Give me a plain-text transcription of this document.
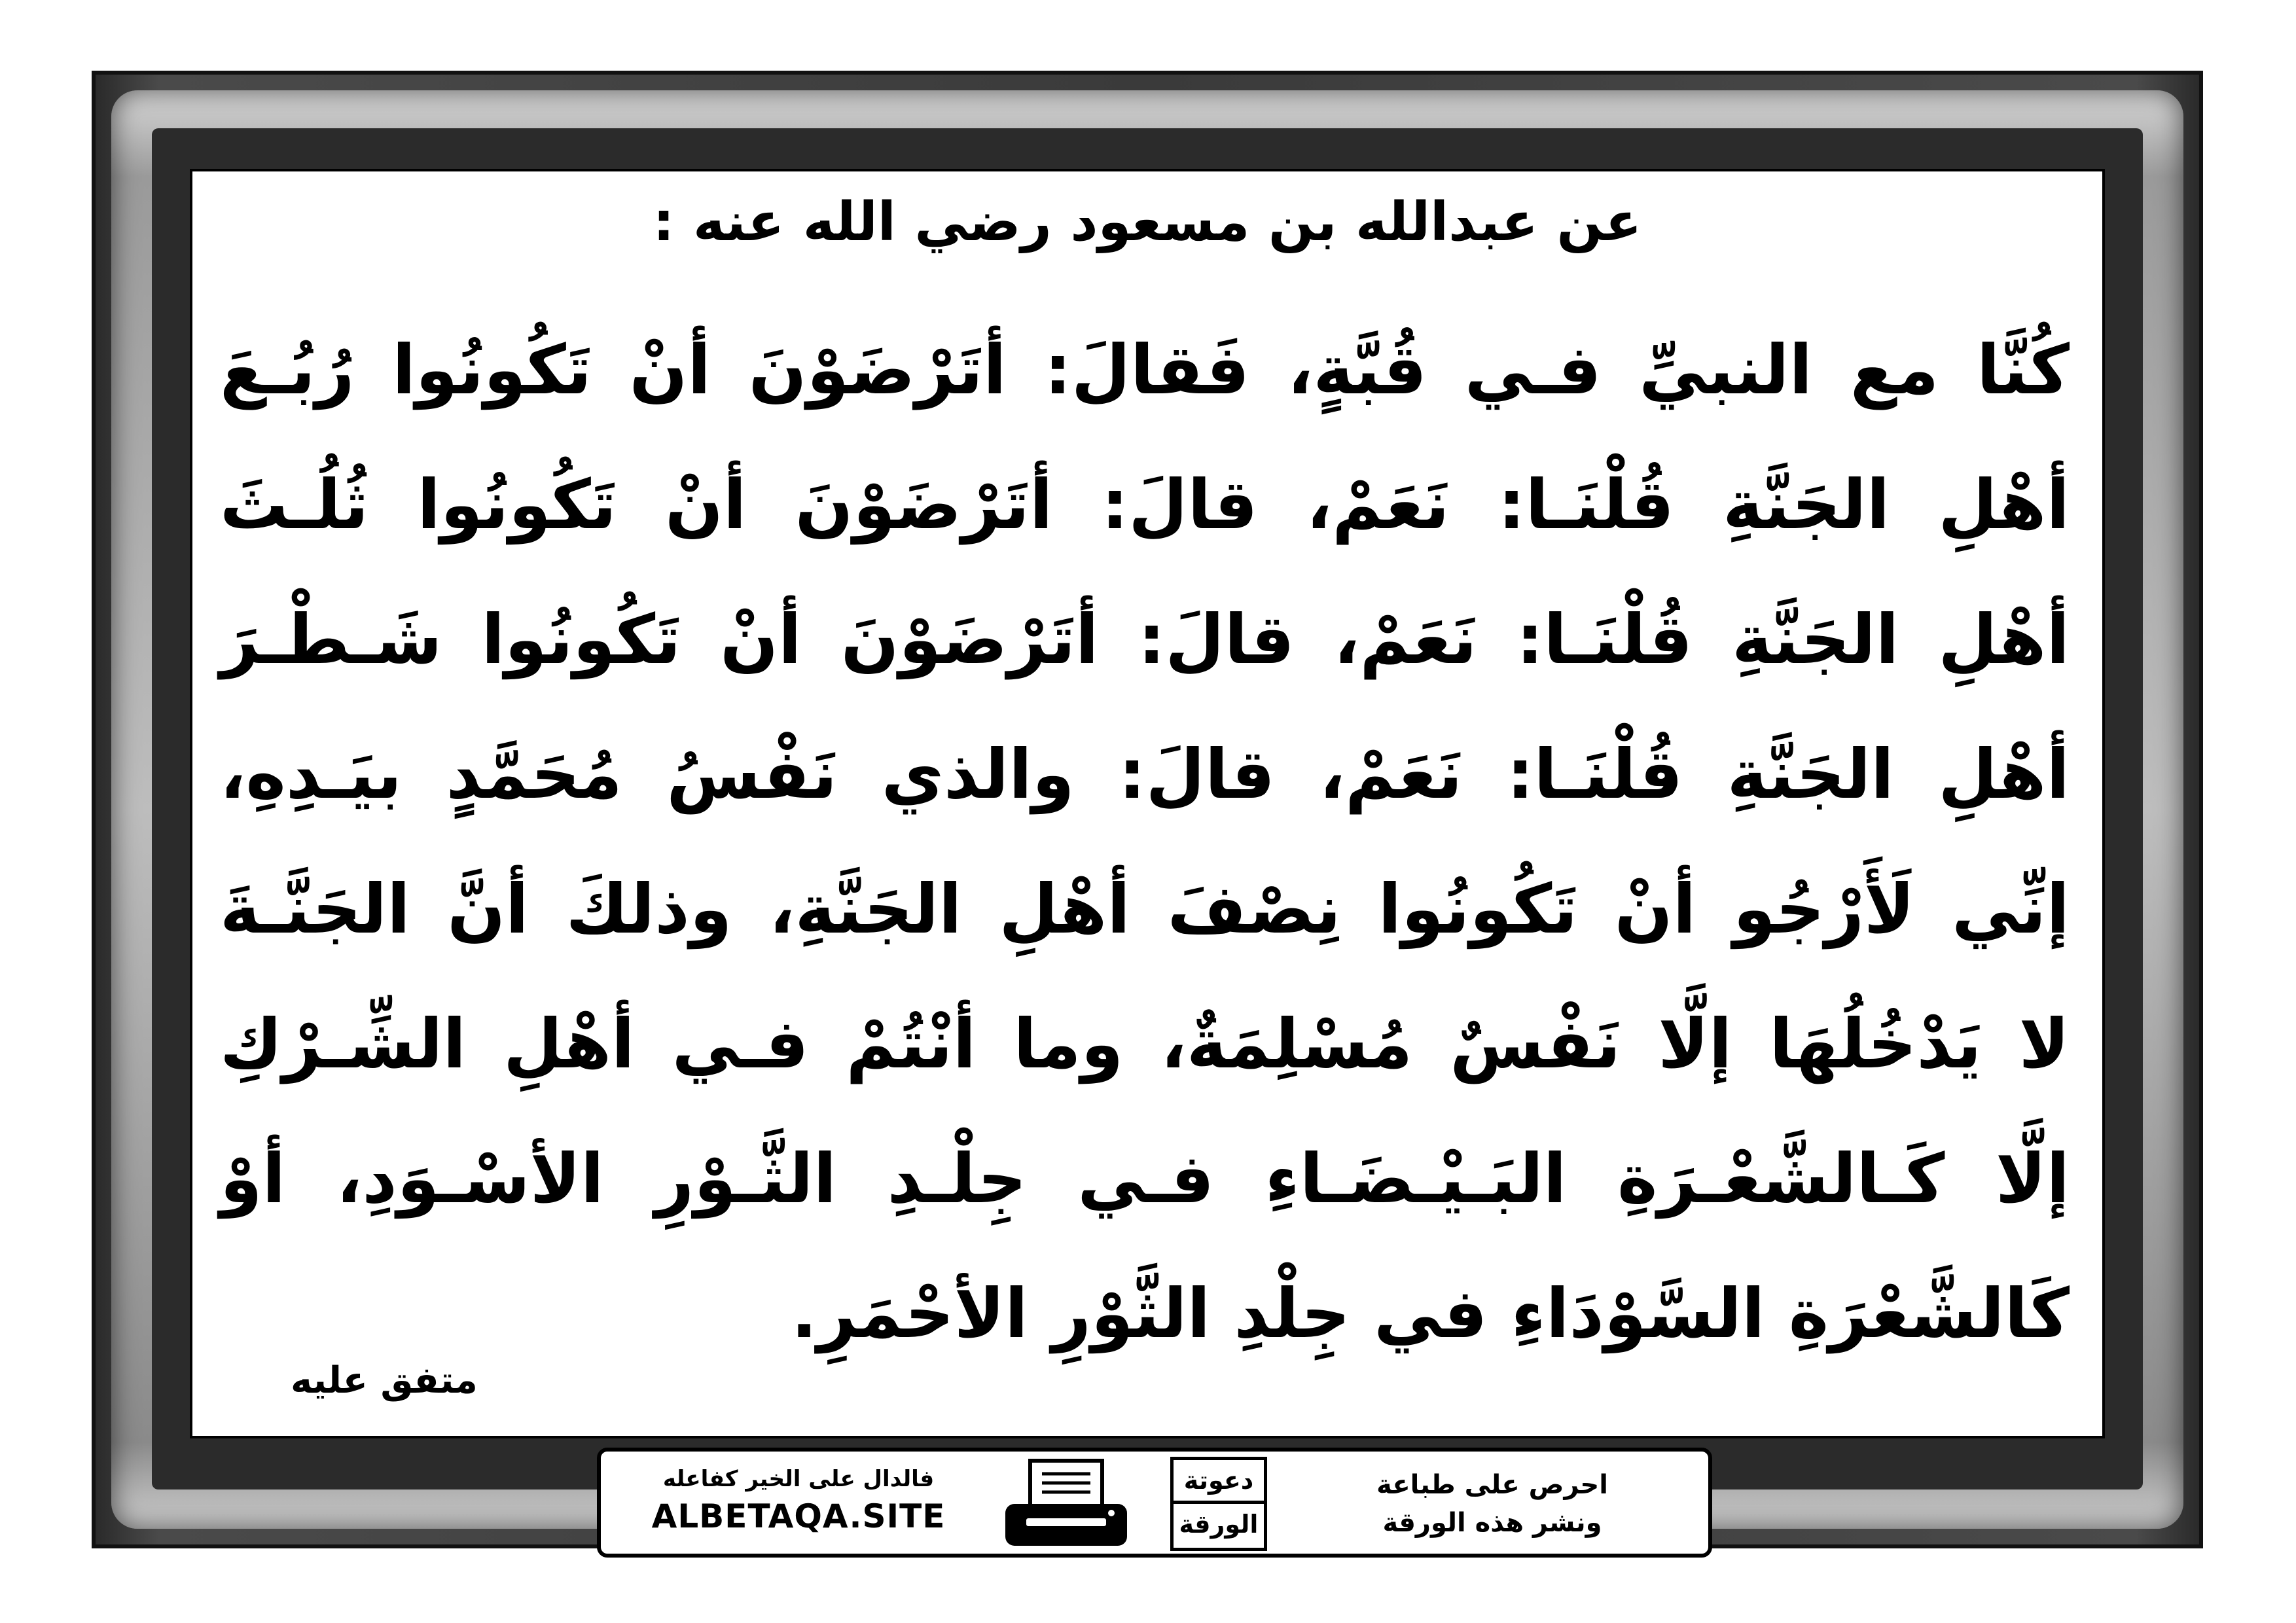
عن عبدالله بن مسعود رضي الله عنه :
كُنَّا مع النبيِّ فـي قُبَّةٍ، فَقالَ: أتَرْضَوْنَ أنْ تَكُونُوا رُبُـعَ
أهْلِ الجَنَّةِ قُلْنَـا: نَعَمْ، قالَ: أتَرْضَوْنَ أنْ تَكُونُوا ثُلُـثَ
أهْلِ الجَنَّةِ قُلْنَـا: نَعَمْ، قالَ: أتَرْضَوْنَ أنْ تَكُونُوا شَـطْـرَ
أهْلِ الجَنَّةِ قُلْنَـا: نَعَمْ، قالَ: والذي نَفْسُ مُحَمَّدٍ بيَـدِهِ،
إنِّي لَأَرْجُو أنْ تَكُونُوا نِصْفَ أهْلِ الجَنَّةِ، وذلكَ أنَّ الجَنَّـةَ
لا يَدْخُلُهَا إلَّا نَفْسٌ مُسْلِمَةٌ، وما أنْتُمْ فـي أهْلِ الشِّـرْكِ
إلَّا كَـالشَّعْـرَةِ البَـيْـضَـاءِ فـي جِلْـدِ الثَّـوْرِ الأسْـوَدِ، أوْ
كَالشَّعْرَةِ السَّوْدَاءِ في جِلْدِ الثَّوْرِ الأحْمَرِ.
متفق عليه
فالدال على الخير كفاعله
ALBETAQA.SITE
دعوتة
الورقة
احرص على طباعة
ونشر هذه الورقة
